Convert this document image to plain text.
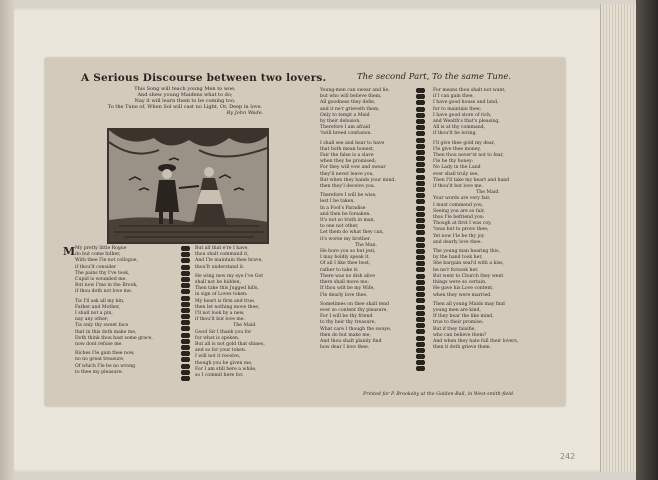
A Serious Discourse between two lovers.
This Song will teach young Men to woe,
And shew young Maidens what to do;
Nay it will learn them to be coming too.
To the Tune of, When Sol will cast no Light, Or, Deep in love.
By John Wade.
The second Part, To the same Tune.
M My pretty little Rogue
do but come hither,
With thee I'le not collogue,
if thou'lt consider
The pains thy I've took,
Cupid is wounded me.
But now I'me in the Brook,
if thou doth not love me.
Tis I'll ask all my kin,
Father and Mother,
I shall not a pin,
nay any other;
Tis only thy sweet face
that in this doth make me,
Doth think thou hast some grace,
now dont refuse me.
Riches I'le gain thee now,
no no great treasure,
Of which I'le be no wrong
to thee my pleasure:
But all that e're I have,
thou shalt command it,
And I'le maintain thee brave,
thou'lt understand it.
He wing new my eye I've Got
shall not be hidden,
Then take this Jugged hills,
in sign of Loves token:
My heart is firm and true,
then let nothing move thee,
I'll not look by a new,
if thou'lt but love me.
The Maid.
Good Sir I thank you for
for what is spoken,
But all is not gold that shines,
and so for your token.
I will not it receive,
though you be given me,
For I am still here a while,
so I commit here for.
Young-men can swear and lie,
but who will believe them,
All goodness they defie,
and it ne'r grieveth them,
Only to tempt a Maid
by their delusion,
Therefore I am afraid
'twill breed confusion.
I shall see and hear to have
that both mean honest,
Fair the false is a slave
when they be promised;
For they will vow and swear
they'll never leave you,
But when they hands your mind,
then they'l deceive you.
Therefore I will be wise,
lest I be taken,
In a Fool's Paradise
and then be forsaken.
It's not so truth in man,
to one not other,
Let them do what they can,
it's worse my brother.
The Man.
He bore you so but jest,
I may boldly speak it,
Of all I like thee best,
rather to take it:
There was no dish alive
there shall move me;
If thou wilt be my Wife,
I'le dearly love thee.
Sometimes on thee shall tend
ever so content thy pleasure,
For I will be thy friend
to thy heir thy treasure,
What care I though the swaye,
then do but make me,
And thou shalt plainly find
how dear I love thee.
For means thou shalt not want,
if I can gain thee,
I have good house and land,
for to maintain thee;
I have good store of rich,
and Wealth's that's pleasing,
All is at thy command,
if thou'lt be loving.
I'll give thee gold my dear,
I'le give thee money,
Then thou never'st not to fear,
I'le be thy honey:
No Lady in the Land
ever shall truly see,
Then I'll take my heart and hand
if thou'lt but love me.
The Maid.
Your words are very fair,
I must commend you,
Seeing you are so fair,
thus I'le befriend you:
Though at first I was coy,
'twas but to prove thee;
Yet now I'le be thy joy
and dearly love thee.
The young man hearing this,
by the hand took her,
She bargain seal'd with a kiss,
he ne'r forsook her.
But went to Church they went
things were so certain,
He gave his Love content,
when they were married.
Then all young Maids may find
young men are kind,
If they bear the like mind,
true to their promise;
But if they falsifie,
who can believe them?
And when they hate full their lovers,
then it doth grieve them.
Printed for P. Brooksby at the Golden-Ball, in West-smith-field.
242
